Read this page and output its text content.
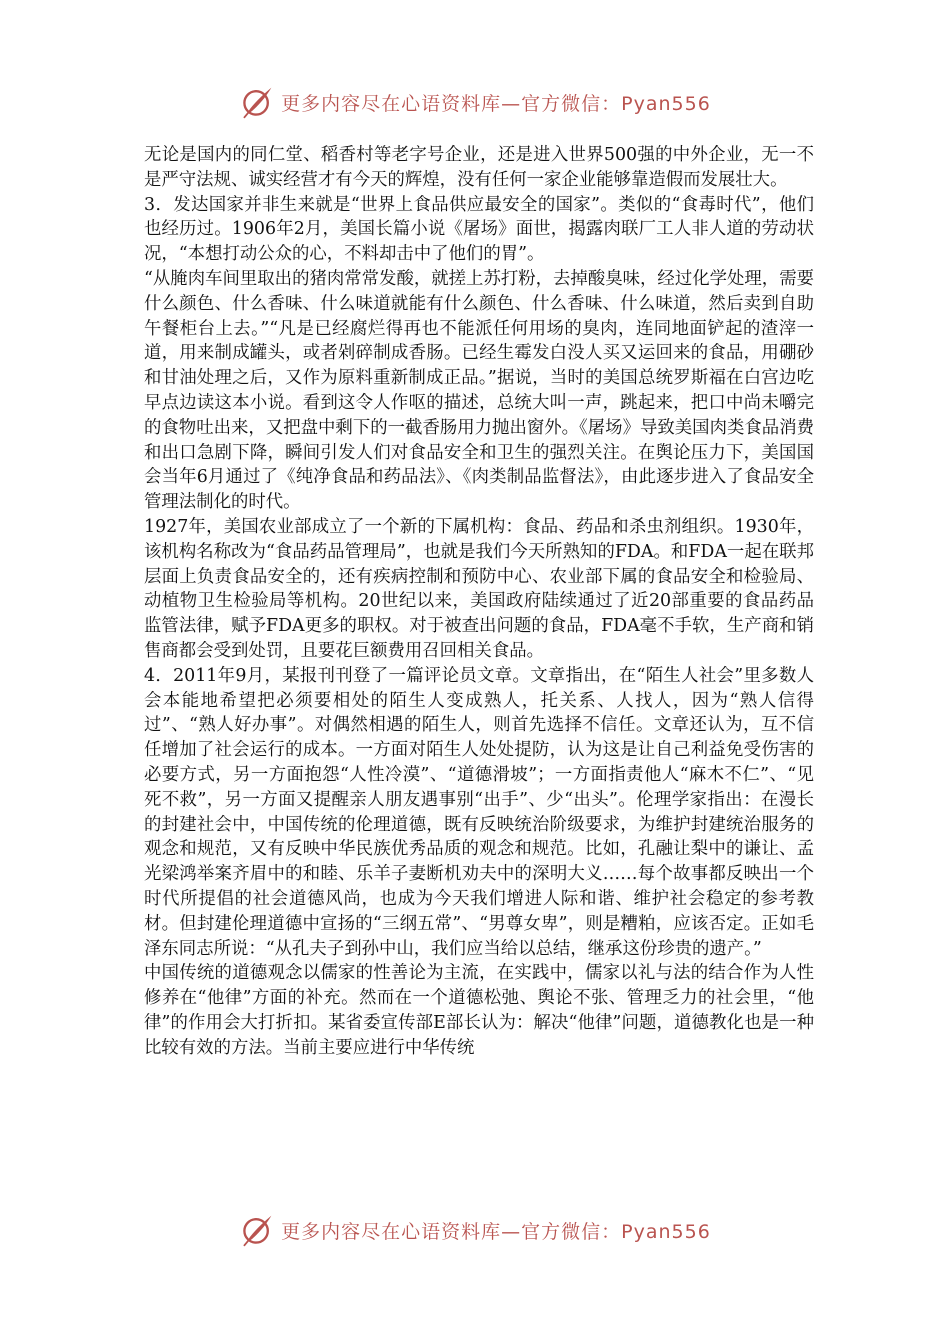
更多内容尽在心语资料库—官方微信：Pyan556

无论是国内的同仁堂、稻香村等老字号企业，还是进入世界500强的中外企业，无一不是严守法规、诚实经营才有今天的辉煌，没有任何一家企业能够靠造假而发展壮大。

3．发达国家并非生来就是“世界上食品供应最安全的国家”。类似的“食毒时代”，他们也经历过。1906年2月，美国长篇小说《屠场》面世，揭露肉联厂工人非人道的劳动状况，“本想打动公众的心，不料却击中了他们的胃”。

“从腌肉车间里取出的猪肉常常发酸，就搓上苏打粉，去掉酸臭味，经过化学处理，需要什么颜色、什么香味、什么味道就能有什么颜色、什么香味、什么味道，然后卖到自助午餐柜台上去。”“凡是已经腐烂得再也不能派任何用场的臭肉，连同地面铲起的渣滓一道，用来制成罐头，或者剁碎制成香肠。已经生霉发白没人买又运回来的食品，用硼砂和甘油处理之后，又作为原料重新制成正品。”据说，当时的美国总统罗斯福在白宫边吃早点边读这本小说。看到这令人作呕的描述，总统大叫一声，跳起来，把口中尚未嚼完的食物吐出来，又把盘中剩下的一截香肠用力抛出窗外。《屠场》导致美国肉类食品消费和出口急剧下降，瞬间引发人们对食品安全和卫生的强烈关注。在舆论压力下，美国国会当年6月通过了《纯净食品和药品法》、《肉类制品监督法》，由此逐步进入了食品安全管理法制化的时代。

1927年，美国农业部成立了一个新的下属机构：食品、药品和杀虫剂组织。1930年，该机构名称改为“食品药品管理局”，也就是我们今天所熟知的FDA。和FDA一起在联邦层面上负责食品安全的，还有疾病控制和预防中心、农业部下属的食品安全和检验局、动植物卫生检验局等机构。20世纪以来，美国政府陆续通过了近20部重要的食品药品监管法律，赋予FDA更多的职权。对于被查出问题的食品，FDA毫不手软，生产商和销售商都会受到处罚，且要花巨额费用召回相关食品。

4．2011年9月，某报刊刊登了一篇评论员文章。文章指出，在“陌生人社会”里多数人会本能地希望把必须要相处的陌生人变成熟人，托关系、人找人，因为“熟人信得过”、“熟人好办事”。对偶然相遇的陌生人，则首先选择不信任。文章还认为，互不信任增加了社会运行的成本。一方面对陌生人处处提防，认为这是让自己利益免受伤害的必要方式，另一方面抱怨“人性冷漠”、“道德滑坡”；一方面指责他人“麻木不仁”、“见死不救”，另一方面又提醒亲人朋友遇事别“出手”、少“出头”。伦理学家指出：在漫长的封建社会中，中国传统的伦理道德，既有反映统治阶级要求，为维护封建统治服务的观念和规范，又有反映中华民族优秀品质的观念和规范。比如，孔融让梨中的谦让、孟光梁鸿举案齐眉中的和睦、乐羊子妻断机劝夫中的深明大义……每个故事都反映出一个时代所提倡的社会道德风尚，也成为今天我们增进人际和谐、维护社会稳定的参考教材。但封建伦理道德中宣扬的“三纲五常”、“男尊女卑”，则是糟粕，应该否定。正如毛泽东同志所说：“从孔夫子到孙中山，我们应当给以总结，继承这份珍贵的遗产。”

中国传统的道德观念以儒家的性善论为主流，在实践中，儒家以礼与法的结合作为人性修养在“他律”方面的补充。然而在一个道德松弛、舆论不张、管理乏力的社会里，“他律”的作用会大打折扣。某省委宣传部E部长认为：解决“他律”问题，道德教化也是一种比较有效的方法。当前主要应进行中华传统

更多内容尽在心语资料库—官方微信：Pyan556
